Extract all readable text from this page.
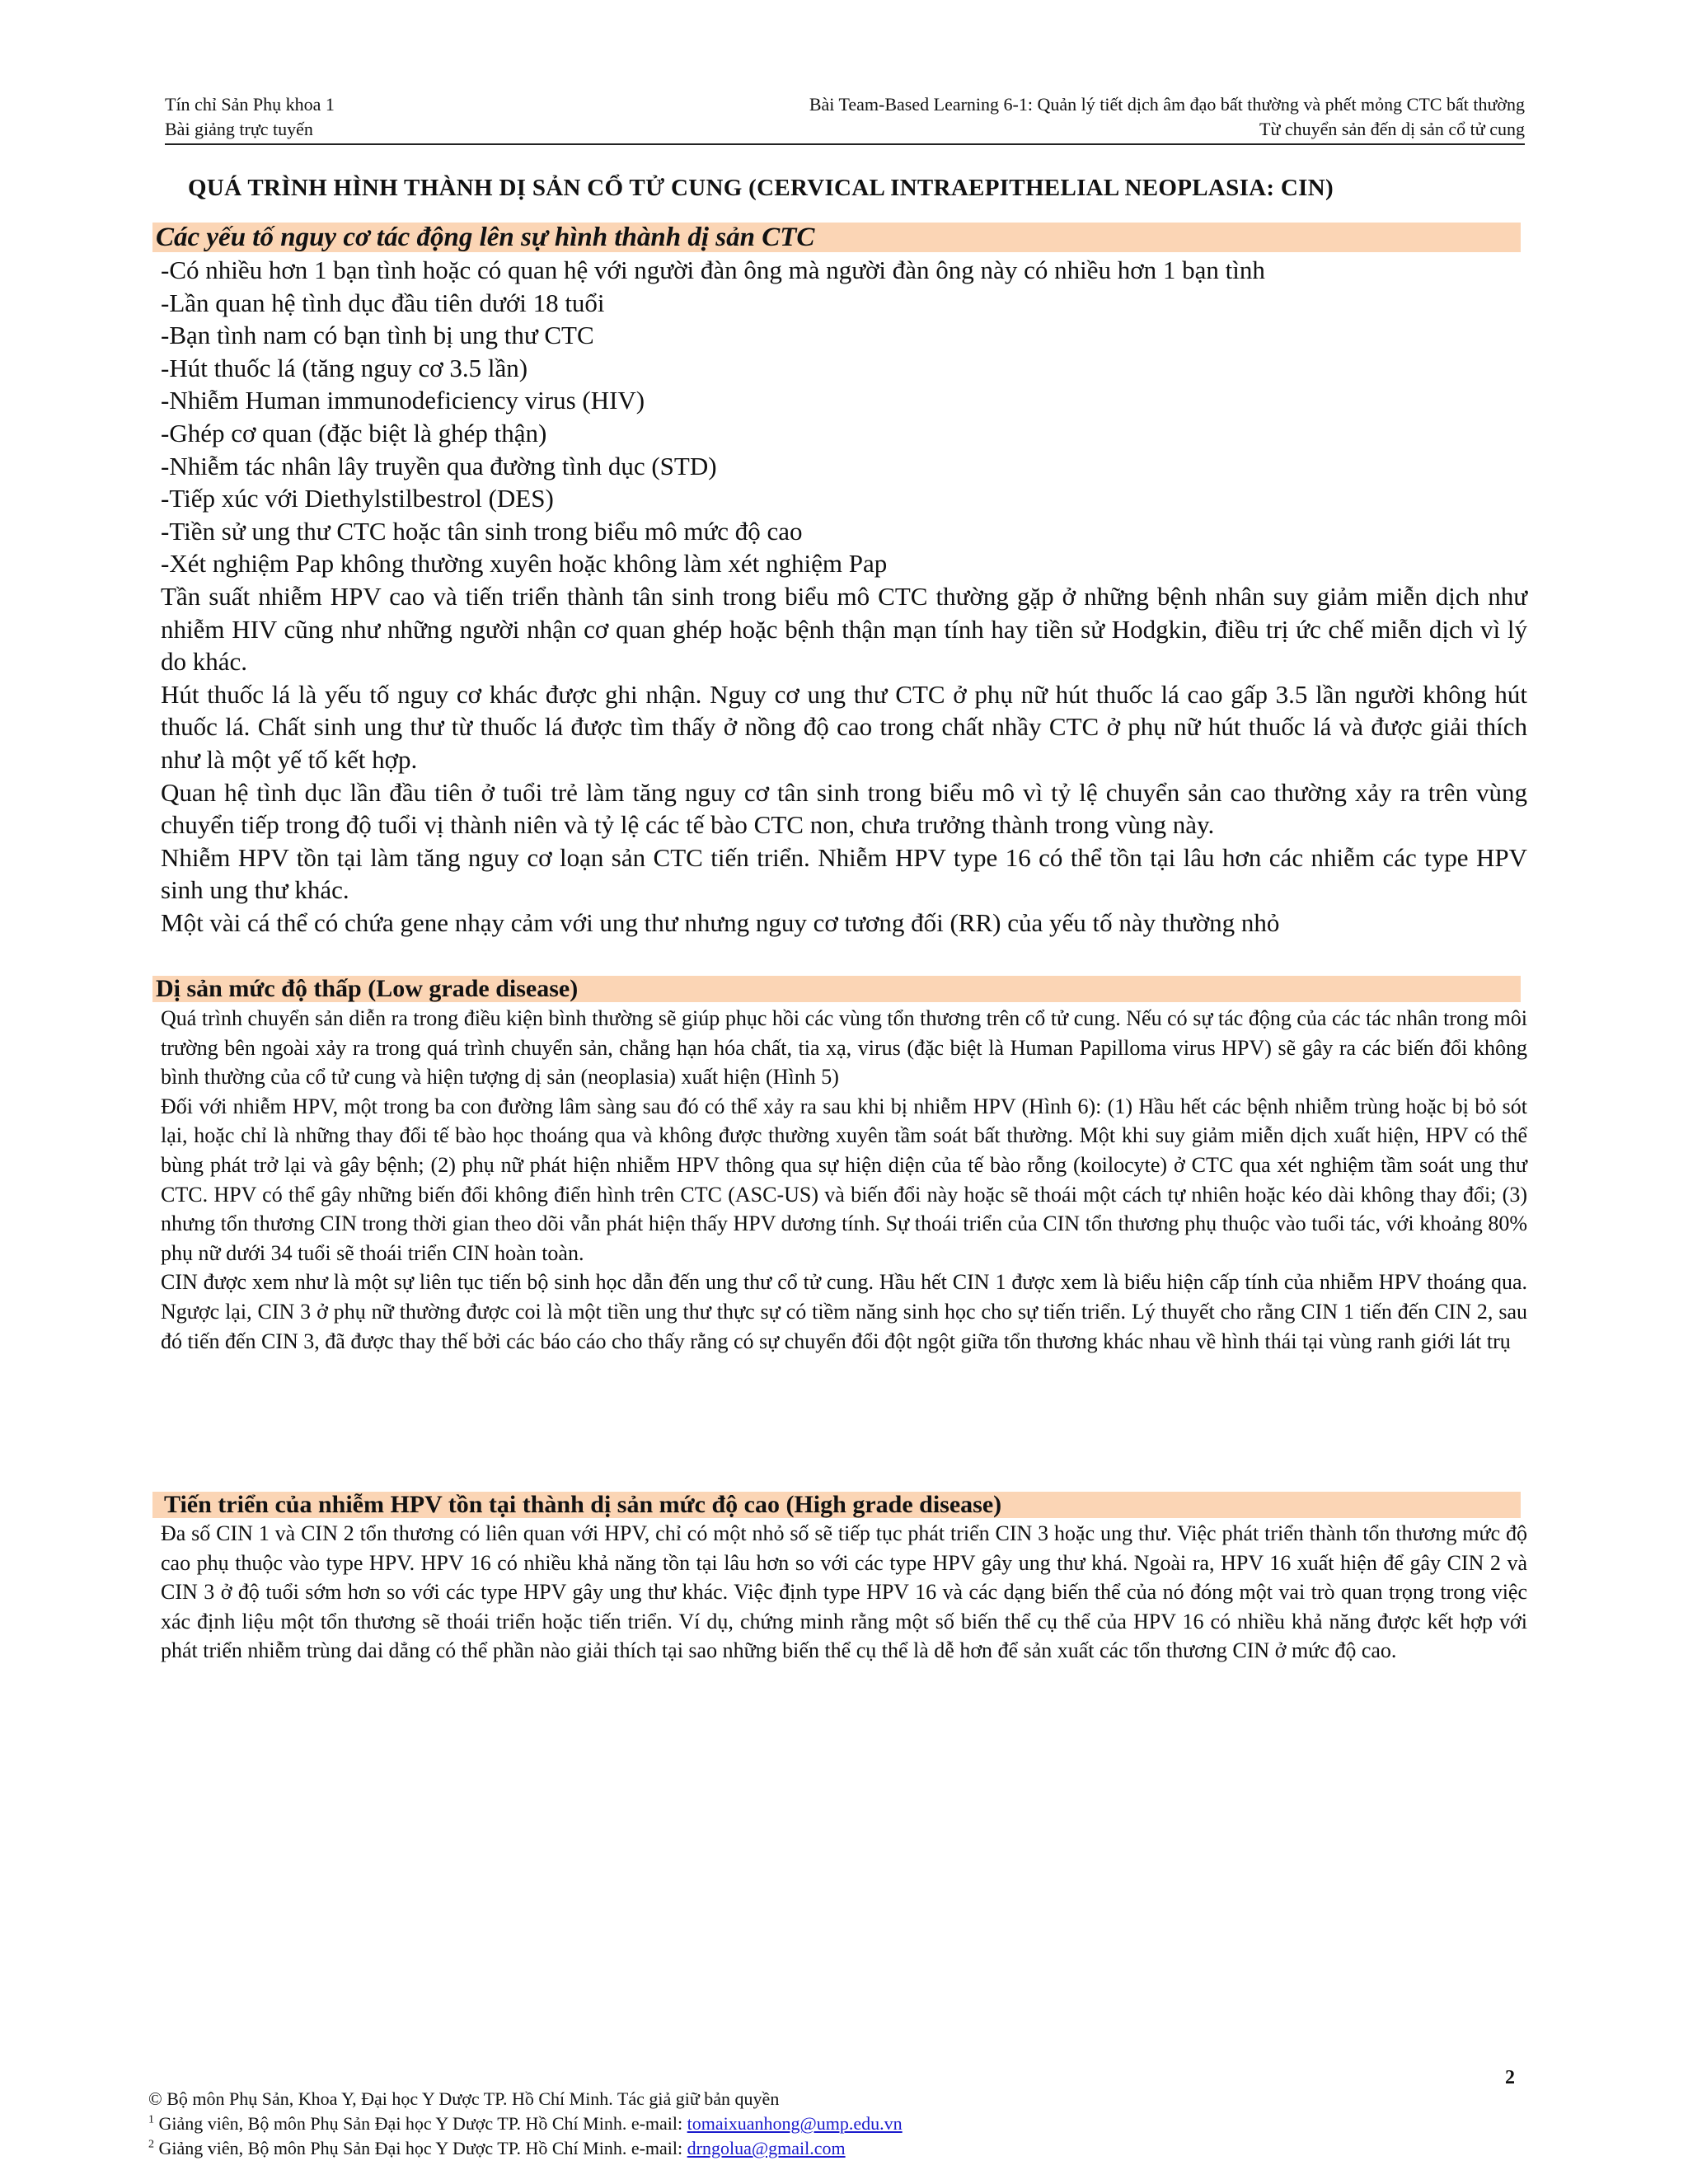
Tín chỉ Sản Phụ khoa 1
Bài giảng trực tuyến
Bài Team-Based Learning 6-1: Quản lý tiết dịch âm đạo bất thường và phết mỏng CTC bất thường
Từ chuyển sản đến dị sản cổ tử cung
QUÁ TRÌNH HÌNH THÀNH DỊ SẢN CỔ TỬ CUNG (CERVICAL INTRAEPITHELIAL NEOPLASIA: CIN)
Các yếu tố nguy cơ tác động lên sự hình thành dị sản CTC
-Có nhiều hơn 1 bạn tình hoặc có quan hệ với người đàn ông mà người đàn ông này có nhiều hơn 1 bạn tình
-Lần quan hệ tình dục đầu tiên dưới 18 tuổi
-Bạn tình nam có bạn tình bị ung thư CTC
-Hút thuốc lá (tăng nguy cơ 3.5 lần)
-Nhiễm Human immunodeficiency virus (HIV)
-Ghép cơ quan (đặc biệt là ghép thận)
-Nhiễm tác nhân lây truyền qua đường tình dục (STD)
-Tiếp xúc với Diethylstilbestrol (DES)
-Tiền sử ung thư CTC hoặc tân sinh trong biểu mô mức độ cao
-Xét nghiệm Pap không thường xuyên hoặc không làm xét nghiệm Pap

Tần suất nhiễm HPV cao và tiến triển thành tân sinh trong biểu mô CTC thường gặp ở những bệnh nhân suy giảm miễn dịch như nhiễm HIV cũng như những người nhận cơ quan ghép hoặc bệnh thận mạn tính hay tiền sử Hodgkin, điều trị ức chế miễn dịch vì lý do khác.

Hút thuốc lá là yếu tố nguy cơ khác được ghi nhận. Nguy cơ ung thư CTC ở phụ nữ hút thuốc lá cao gấp 3.5 lần người không hút thuốc lá. Chất sinh ung thư từ thuốc lá được tìm thấy ở nồng độ cao trong chất nhầy CTC ở phụ nữ hút thuốc lá và được giải thích như là một yế tố kết hợp.

Quan hệ tình dục lần đầu tiên ở tuổi trẻ làm tăng nguy cơ tân sinh trong biểu mô vì tỷ lệ chuyển sản cao thường xảy ra trên vùng chuyển tiếp trong độ tuổi vị thành niên và tỷ lệ các tế bào CTC non, chưa trưởng thành trong vùng này.

Nhiễm HPV tồn tại làm tăng nguy cơ loạn sản CTC tiến triển. Nhiễm HPV type 16 có thể tồn tại lâu hơn các nhiễm các type HPV sinh ung thư khác.

Một vài cá thể có chứa gene nhạy cảm với ung thư nhưng nguy cơ tương đối (RR) của yếu tố này thường nhỏ

Dị sản mức độ thấp (Low grade disease)

Quá trình chuyển sản diễn ra trong điều kiện bình thường sẽ giúp phục hồi các vùng tổn thương trên cổ tử cung. Nếu có sự tác động của các tác nhân trong môi trường bên ngoài xảy ra trong quá trình chuyển sản, chẳng hạn hóa chất, tia xạ, virus (đặc biệt là Human Papilloma virus HPV) sẽ gây ra các biến đổi không bình thường của cổ tử cung và hiện tượng dị sản (neoplasia) xuất hiện (Hình 5)

Đối với nhiễm HPV, một trong ba con đường lâm sàng sau đó có thể xảy ra sau khi bị nhiễm HPV (Hình 6): (1) Hầu hết các bệnh nhiễm trùng hoặc bị bỏ sót lại, hoặc chỉ là những thay đổi tế bào học thoáng qua và không được thường xuyên tầm soát bất thường. Một khi suy giảm miễn dịch xuất hiện, HPV có thể bùng phát trở lại và gây bệnh; (2) phụ nữ phát hiện nhiễm HPV thông qua sự hiện diện của tế bào rỗng (koilocyte) ở CTC qua xét nghiệm tầm soát ung thư CTC. HPV có thể gây những biến đổi không điển hình trên CTC (ASC-US) và biến đổi này hoặc sẽ thoái một cách tự nhiên hoặc kéo dài không thay đổi; (3) nhưng tổn thương CIN trong thời gian theo dõi vẫn phát hiện thấy HPV dương tính. Sự thoái triển của CIN tổn thương phụ thuộc vào tuổi tác, với khoảng 80% phụ nữ dưới 34 tuổi sẽ thoái triển CIN hoàn toàn.

CIN được xem như là một sự liên tục tiến bộ sinh học dẫn đến ung thư cổ tử cung. Hầu hết CIN 1 được xem là biểu hiện cấp tính của nhiễm HPV thoáng qua. Ngược lại, CIN 3 ở phụ nữ thường được coi là một tiền ung thư thực sự có tiềm năng sinh học cho sự tiến triển. Lý thuyết cho rằng CIN 1 tiến đến CIN 2, sau đó tiến đến CIN 3, đã được thay thế bởi các báo cáo cho thấy rằng có sự chuyển đổi đột ngột giữa tổn thương khác nhau về hình thái tại vùng ranh giới lát trụ

Tiến triển của nhiễm HPV tồn tại thành dị sản mức độ cao (High grade disease)

Đa số CIN 1 và CIN 2 tổn thương có liên quan với HPV, chỉ có một nhỏ số sẽ tiếp tục phát triển CIN 3 hoặc ung thư. Việc phát triển thành tổn thương mức độ cao phụ thuộc vào type HPV. HPV 16 có nhiều khả năng tồn tại lâu hơn so với các type HPV gây ung thư khá. Ngoài ra, HPV 16 xuất hiện để gây CIN 2 và CIN 3 ở độ tuổi sớm hơn so với các type HPV gây ung thư khác. Việc định type HPV 16 và các dạng biến thể của nó đóng một vai trò quan trọng trong việc xác định liệu một tổn thương sẽ thoái triển hoặc tiến triển. Ví dụ, chứng minh rằng một số biến thể cụ thể của HPV 16 có nhiều khả năng được kết hợp với phát triển nhiễm trùng dai dẳng có thể phần nào giải thích tại sao những biến thể cụ thể là dễ hơn để sản xuất các tổn thương CIN ở mức độ cao.

2
© Bộ môn Phụ Sản, Khoa Y, Đại học Y Dược TP. Hồ Chí Minh. Tác giả giữ bản quyền
$^1$ Giảng viên, Bộ môn Phụ Sản Đại học Y Dược TP. Hồ Chí Minh. e-mail: tomaixuanhong@ump.edu.vn
$^2$ Giảng viên, Bộ môn Phụ Sản Đại học Y Dược TP. Hồ Chí Minh. e-mail: drngolua@gmail.com
